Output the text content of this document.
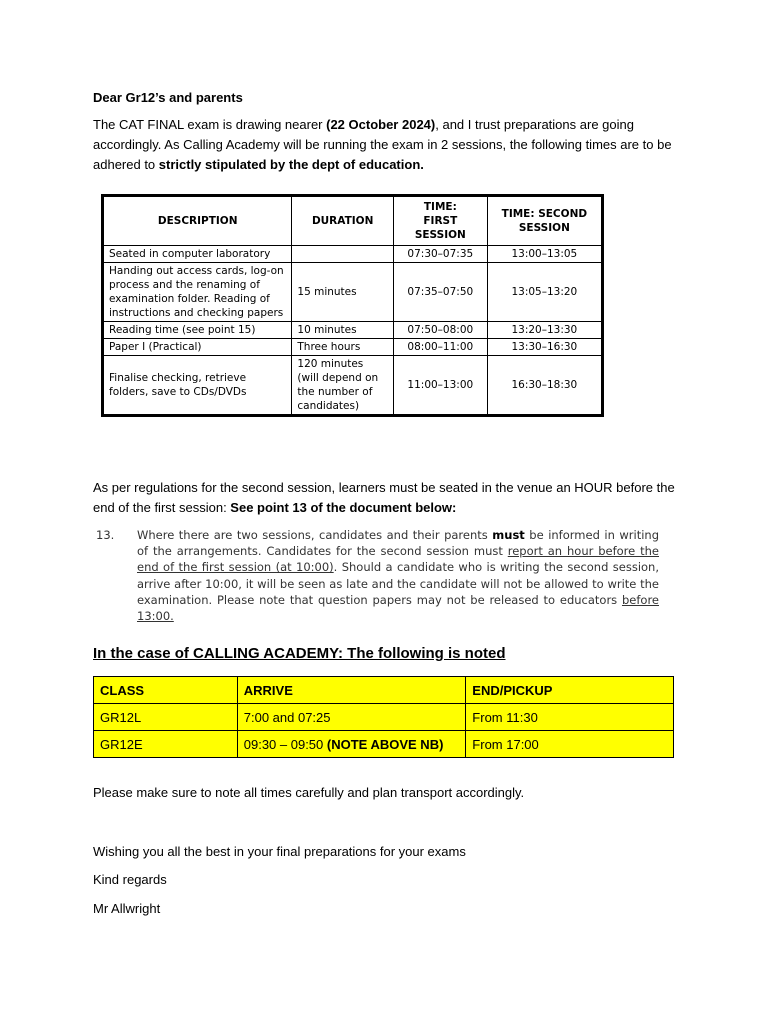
Dear Gr12’s and parents

The CAT FINAL exam is drawing nearer (22 October 2024), and I trust preparations are going accordingly. As Calling Academy will be running the exam in 2 sessions, the following times are to be adhered to strictly stipulated by the dept of education.

DESCRIPTION	DURATION	TIME: FIRST SESSION	TIME: SECOND SESSION
Seated in computer laboratory		07:30–07:35	13:00–13:05
Handing out access cards, log-on process and the renaming of examination folder. Reading of instructions and checking papers	15 minutes	07:35–07:50	13:05–13:20
Reading time (see point 15)	10 minutes	07:50–08:00	13:20–13:30
Paper I (Practical)	Three hours	08:00–11:00	13:30–16:30
Finalise checking, retrieve folders, save to CDs/DVDs	120 minutes (will depend on the number of candidates)	11:00–13:00	16:30–18:30

As per regulations for the second session, learners must be seated in the venue an HOUR before the end of the first session: See point 13 of the document below:

13. Where there are two sessions, candidates and their parents must be informed in writing of the arrangements. Candidates for the second session must report an hour before the end of the first session (at 10:00). Should a candidate who is writing the second session, arrive after 10:00, it will be seen as late and the candidate will not be allowed to write the examination. Please note that question papers may not be released to educators before 13:00.

In the case of CALLING ACADEMY: The following is noted

CLASS	ARRIVE	END/PICKUP
GR12L	7:00 and 07:25	From 11:30
GR12E	09:30 – 09:50 (NOTE ABOVE NB)	From 17:00

Please make sure to note all times carefully and plan transport accordingly.

Wishing you all the best in your final preparations for your exams

Kind regards

Mr Allwright
